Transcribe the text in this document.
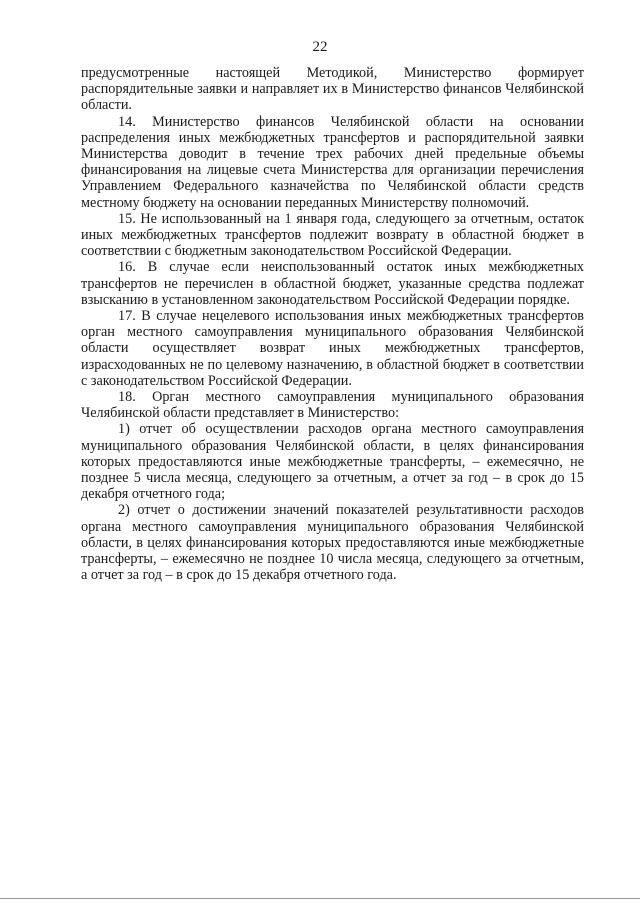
22

предусмотренные настоящей Методикой, Министерство формирует распорядительные заявки и направляет их в Министерство финансов Челябинской области.

14. Министерство финансов Челябинской области на основании распределения иных межбюджетных трансфертов и распорядительной заявки Министерства доводит в течение трех рабочих дней предельные объемы финансирования на лицевые счета Министерства для организации перечисления Управлением Федерального казначейства по Челябинской области средств местному бюджету на основании переданных Министерству полномочий.

15. Не использованный на 1 января года, следующего за отчетным, остаток иных межбюджетных трансфертов подлежит возврату в областной бюджет в соответствии с бюджетным законодательством Российской Федерации.

16. В случае если неиспользованный остаток иных межбюджетных трансфертов не перечислен в областной бюджет, указанные средства подлежат взысканию в установленном законодательством Российской Федерации порядке.

17. В случае нецелевого использования иных межбюджетных трансфертов орган местного самоуправления муниципального образования Челябинской области осуществляет возврат иных межбюджетных трансфертов, израсходованных не по целевому назначению, в областной бюджет в соответствии с законодательством Российской Федерации.

18. Орган местного самоуправления муниципального образования Челябинской области представляет в Министерство:

1) отчет об осуществлении расходов органа местного самоуправления муниципального образования Челябинской области, в целях финансирования которых предоставляются иные межбюджетные трансферты, – ежемесячно, не позднее 5 числа месяца, следующего за отчетным, а отчет за год – в срок до 15 декабря отчетного года;

2) отчет о достижении значений показателей результативности расходов органа местного самоуправления муниципального образования Челябинской области, в целях финансирования которых предоставляются иные межбюджетные трансферты, – ежемесячно не позднее 10 числа месяца, следующего за отчетным, а отчет за год – в срок до 15 декабря отчетного года.
